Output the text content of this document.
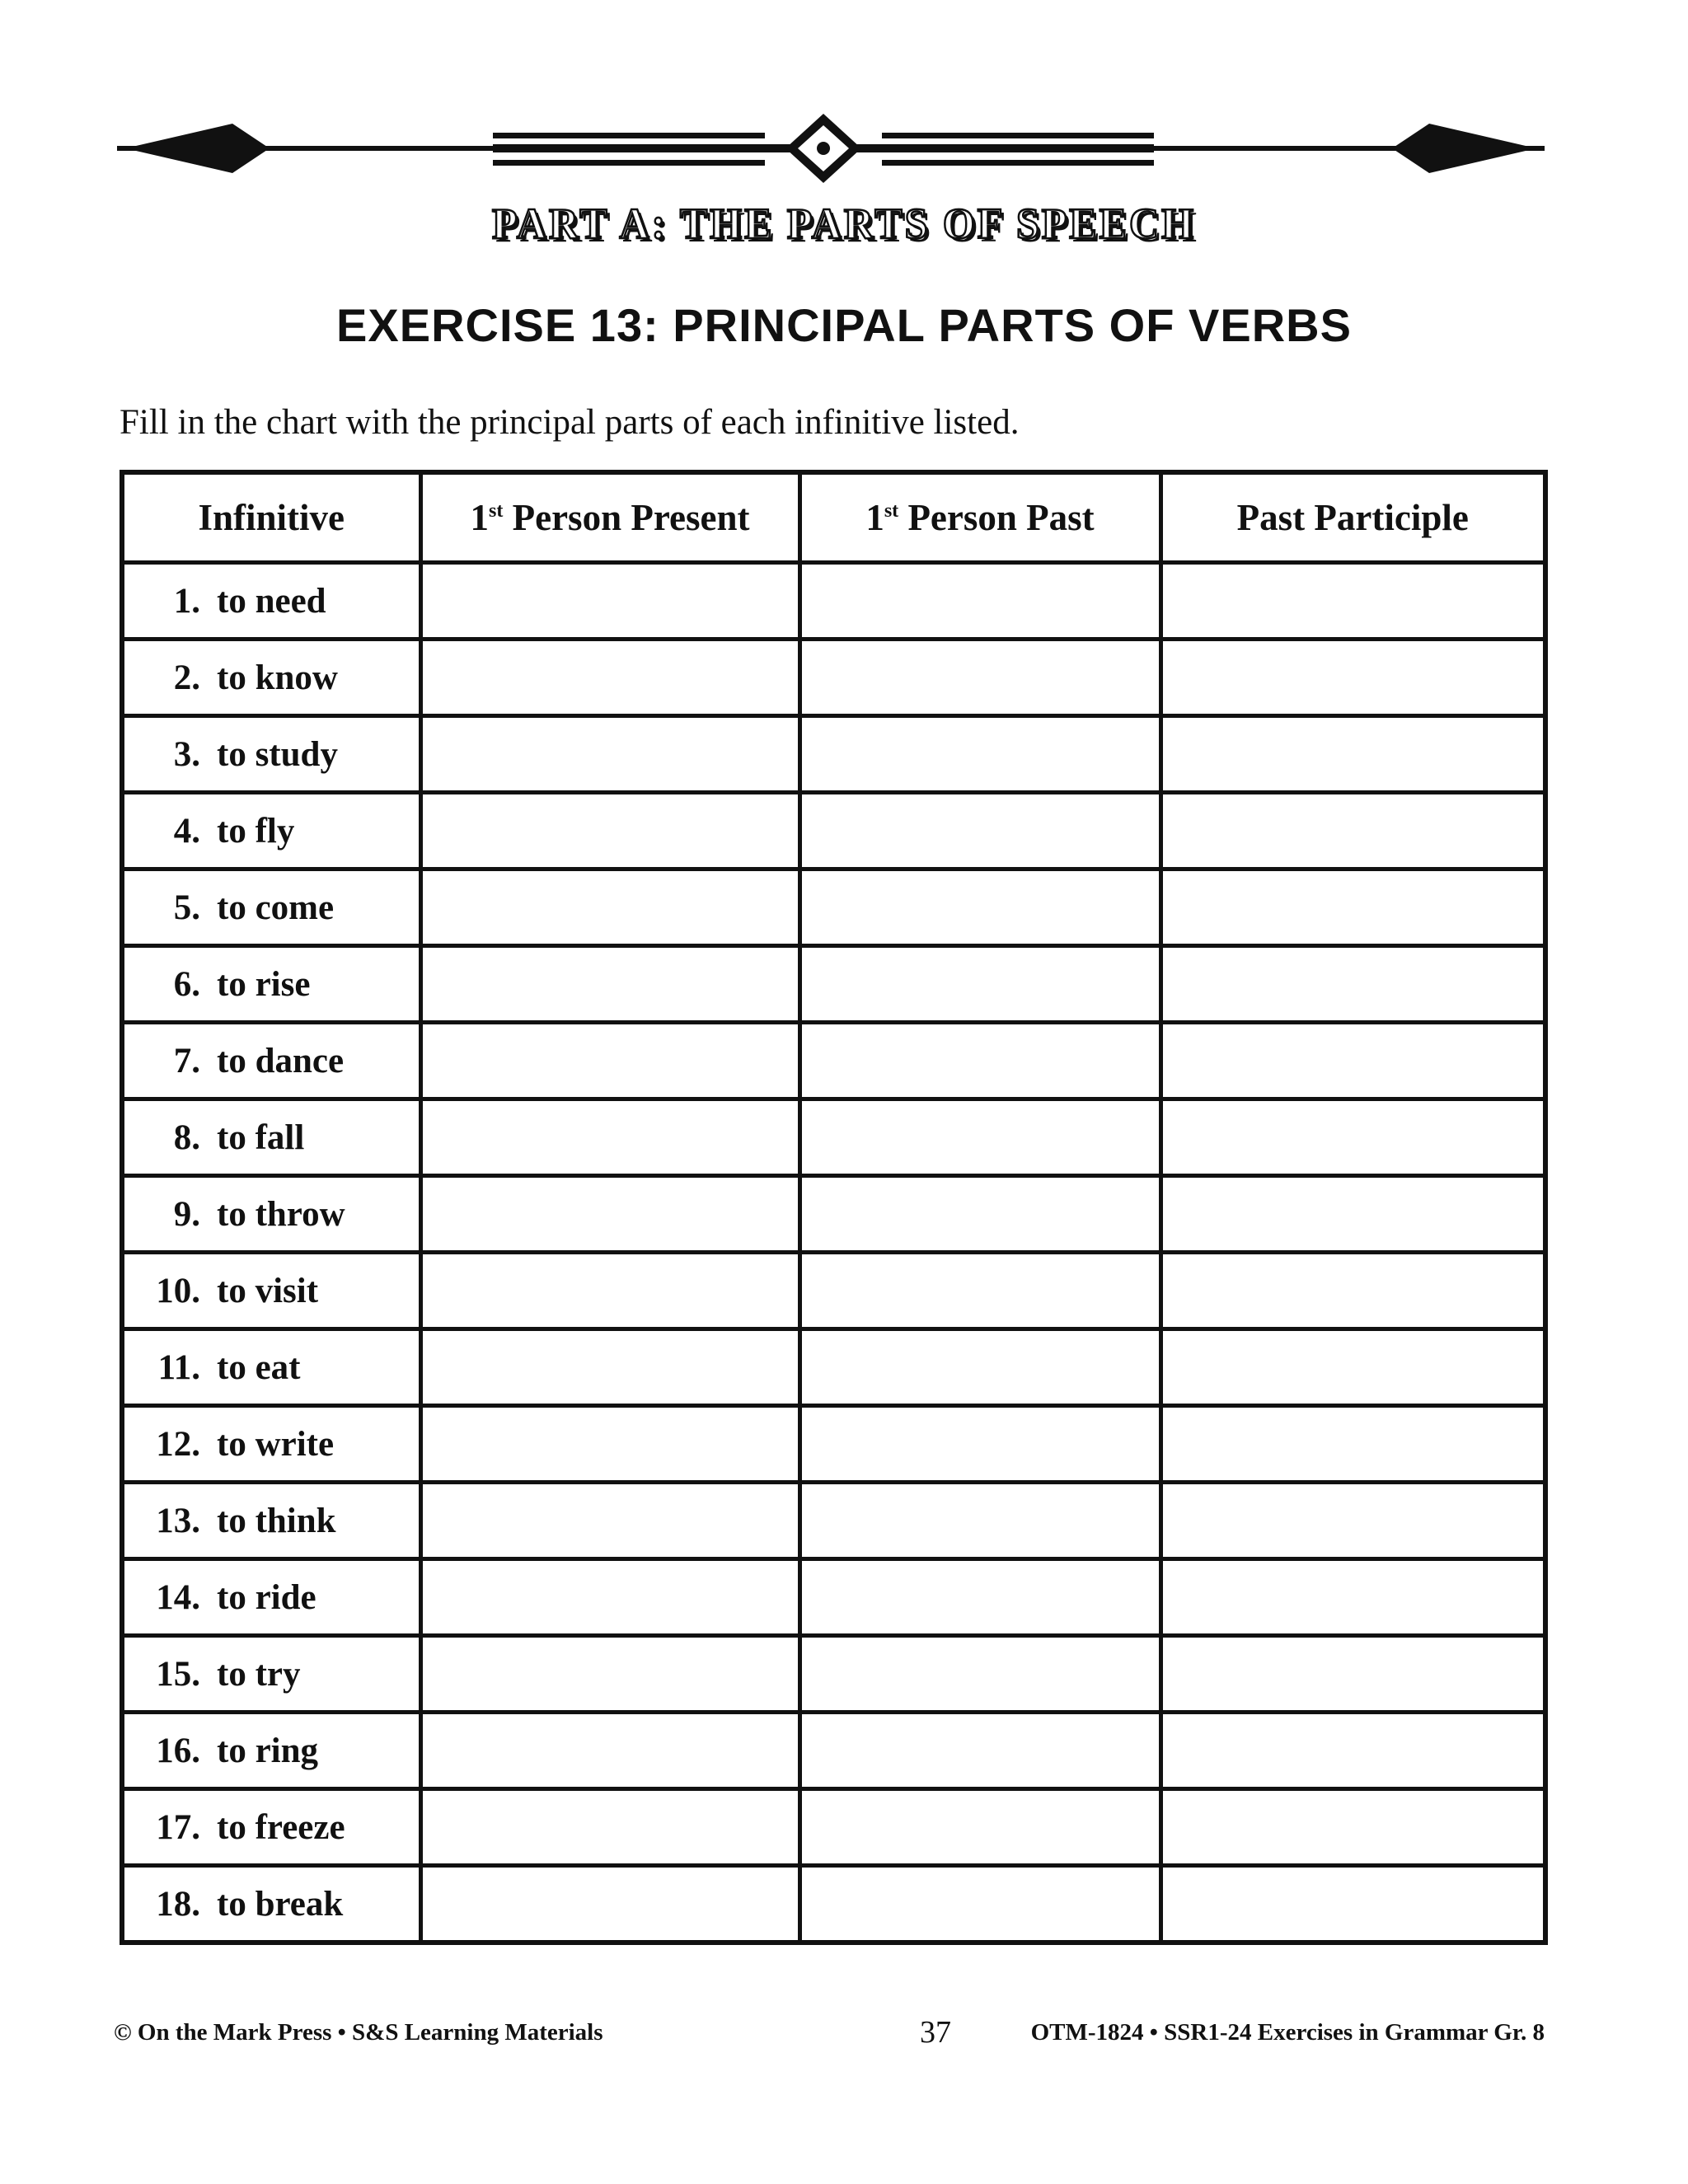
PART A: THE PARTS OF SPEECH
EXERCISE 13: PRINCIPAL PARTS OF VERBS
Fill in the chart with the principal parts of each infinitive listed.
Infinitive	1st Person Present	1st Person Past	Past Participle
1. to need			
2. to know			
3. to study			
4. to fly			
5. to come			
6. to rise			
7. to dance			
8. to fall			
9. to throw			
10. to visit			
11. to eat			
12. to write			
13. to think			
14. to ride			
15. to try			
16. to ring			
17. to freeze			
18. to break			
© On the Mark Press • S&S Learning Materials	37	OTM-1824 • SSR1-24 Exercises in Grammar Gr. 8
